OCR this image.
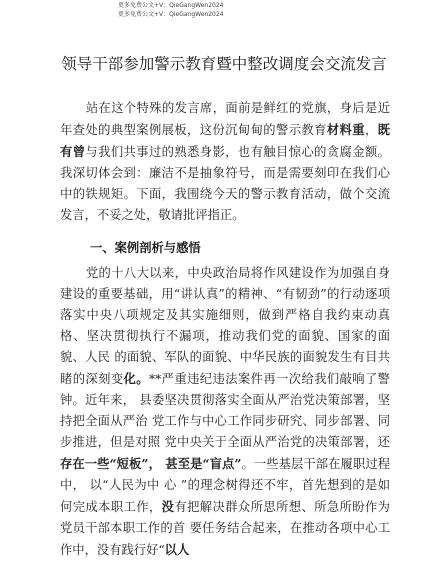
更多免费公文+V：QieGangWen2024
更多免费公文+V：QieGangWen2024
领导干部参加警示教育暨中整改调度会交流发言

站在这个特殊的发言席，面前是鲜红的党旗，身后是近年查处的典型案例展板，这份沉甸甸的警示教育材料重，既有曾与我们共事过的熟悉身影，也有触目惊心的贪腐金额。我深切体会到：廉洁不是抽象符号，而是需要刻印在我们心中的铁规矩。下面，我围绕今天的警示教育活动，做个交流发言，不妥之处，敬请批评指正。

一、案例剖析与感悟

党的十八大以来，中央政治局将作风建设作为加强自身建设的重要基础，用“讲认真”的精神、“有韧劲”的行动逐项 落实中央八项规定及其实施细则，做到严格自我约束动真格、坚决贯彻执行不漏项，推动我们党的面貌、国家的面貌、人民 的面貌、军队的面貌、中华民族的面貌发生有目共睹的深刻变化。**严重违纪违法案件再一次给我们敲响了警钟。近年来， 县委坚决贯彻落实全面从严治党决策部署，坚持把全面从严治 党工作与中心工作同步研究、同步部署、同步推进，但是对照 党中央关于全面从严治党的决策部署，还存在一些“短板”， 甚至是“盲点”。一些基层干部在履职过程中， 以“人民为中 心 ”的理念树得还不牢，首先想到的是如何完成本职工作，没有把解决群众所思所想、所急所盼作为党员干部本职工作的首 要任务结合起来，在推动各项中心工作中，没有践行好“以人
